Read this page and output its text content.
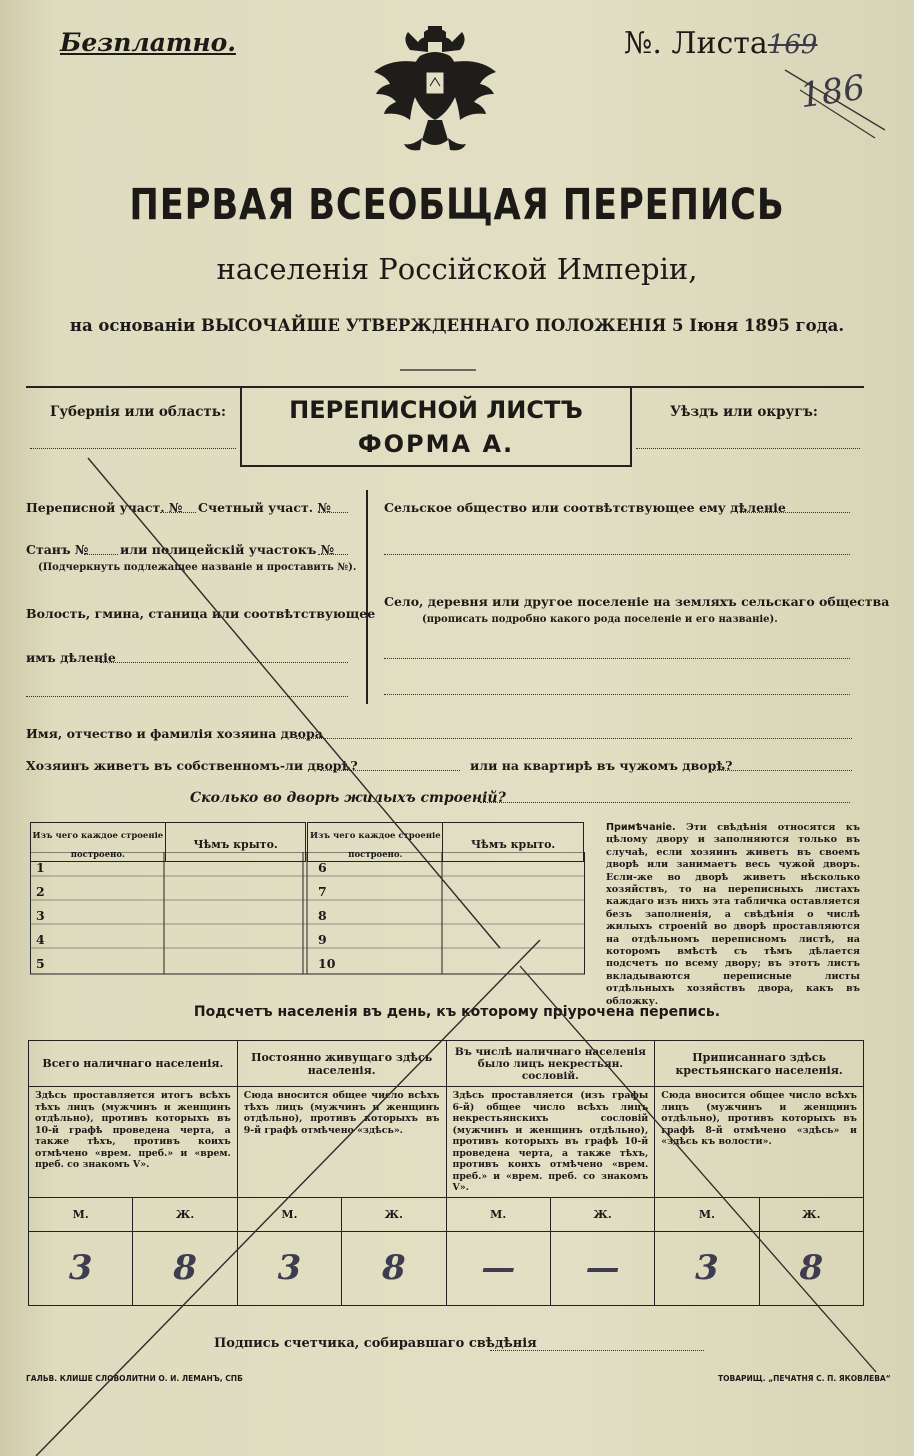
Безплатно.	№. Листа169
186
ПЕРВАЯ ВСЕОБЩАЯ ПЕРЕПИСЬ
населенія Россійской Имперіи,
на основаніи ВЫСОЧАЙШЕ УТВЕРЖДЕННАГО ПОЛОЖЕНІЯ 5 Іюня 1895 года.
Губернія или область:	ПЕРЕПИСНОЙ ЛИСТЪ
ФОРМА А.
Уѣздъ или округъ:
Переписной участ. № Счетный участ. №
Станъ №	или полицейскій участокъ №
(Подчеркнуть подлежащее названіе и проставить №).
Волость, гмина, станица или соотвѣтствующее
имъ дѣленіе
Сельское общество или соотвѣтствующее ему дѣленіе
Село, деревня или другое поселеніе на земляхъ сельскаго общества
(прописать подробно какого рода поселеніе и его названіе).
Имя, отчество и фамилія хозяина двора
Хозяинъ живетъ въ собственномъ-ли дворѣ?	или на квартирѣ въ чужомъ дворѣ?
Сколько во дворѣ жилыхъ строеній?
Изъ чего каждое строеніе построено.	Чѣмъ крыто.	Изъ чего каждое строеніе построено.	Чѣмъ крыто.
1
2
3
4
5
6
7
8
9
10
Примѣчаніе. Эти свѣдѣнія относятся къ цѣлому двору и заполняются только въ случаѣ, если хозяинъ живетъ въ своемъ дворѣ или занимаетъ весь чужой дворъ. Если-же во дворѣ живетъ нѣсколько хозяйствъ, то на переписныхъ листахъ каждаго изъ нихъ эта табличка оставляется безъ заполненія, а свѣдѣнія о числѣ жилыхъ строеній во дворѣ проставляются на отдѣльномъ переписномъ листѣ, на которомъ вмѣстѣ съ тѣмъ дѣлается подсчетъ по всему двору; въ этотъ листъ вкладываются переписные листы отдѣльныхъ хозяйствъ двора, какъ въ обложку.
Подсчетъ населенія въ день, къ которому пріурочена перепись.
Всего наличнаго населенія.		Постоянно живущаго здѣсь населенія.		Въ числѣ наличнаго населенія было лицъ некрестьян. сословій.		Приписаннаго здѣсь крестьянскаго населенія.	
Здѣсь проставляется итогъ всѣхъ тѣхъ лицъ (мужчинъ и женщинъ отдѣльно), противъ которыхъ въ 10-й графѣ проведена черта, а также тѣхъ, противъ коихъ отмѣчено «врем. преб.» и «врем. преб. со знакомъ V».		Сюда вносится общее число всѣхъ тѣхъ лицъ (мужчинъ и женщинъ отдѣльно), противъ которыхъ въ 9-й графѣ отмѣчено «здѣсь».		Здѣсь проставляется (изъ графы 6-й) общее число всѣхъ лицъ некрестьянскихъ сословій (мужчинъ и женщинъ отдѣльно), противъ которыхъ въ графѣ 10-й проведена черта, а также тѣхъ, противъ коихъ отмѣчено «врем. преб.» и «врем. преб. со знакомъ V».		Сюда вносится общее число всѣхъ лицъ (мужчинъ и женщинъ отдѣльно), противъ которыхъ въ графѣ 8-й отмѣчено «здѣсь» и «здѣсь къ волости».	
М.	Ж.	М.	Ж.	М.	Ж.	М.	Ж.
3	8	3	8	—	—	3	8
Подпись счетчика, собиравшаго свѣдѣнія
ГАЛЬВ. КЛИШЕ СЛОВОЛИТНИ О. И. ЛЕМАНЪ, СПБ	ТОВАРИЩ. „ПЕЧАТНЯ С. П. ЯКОВЛЕВА“
